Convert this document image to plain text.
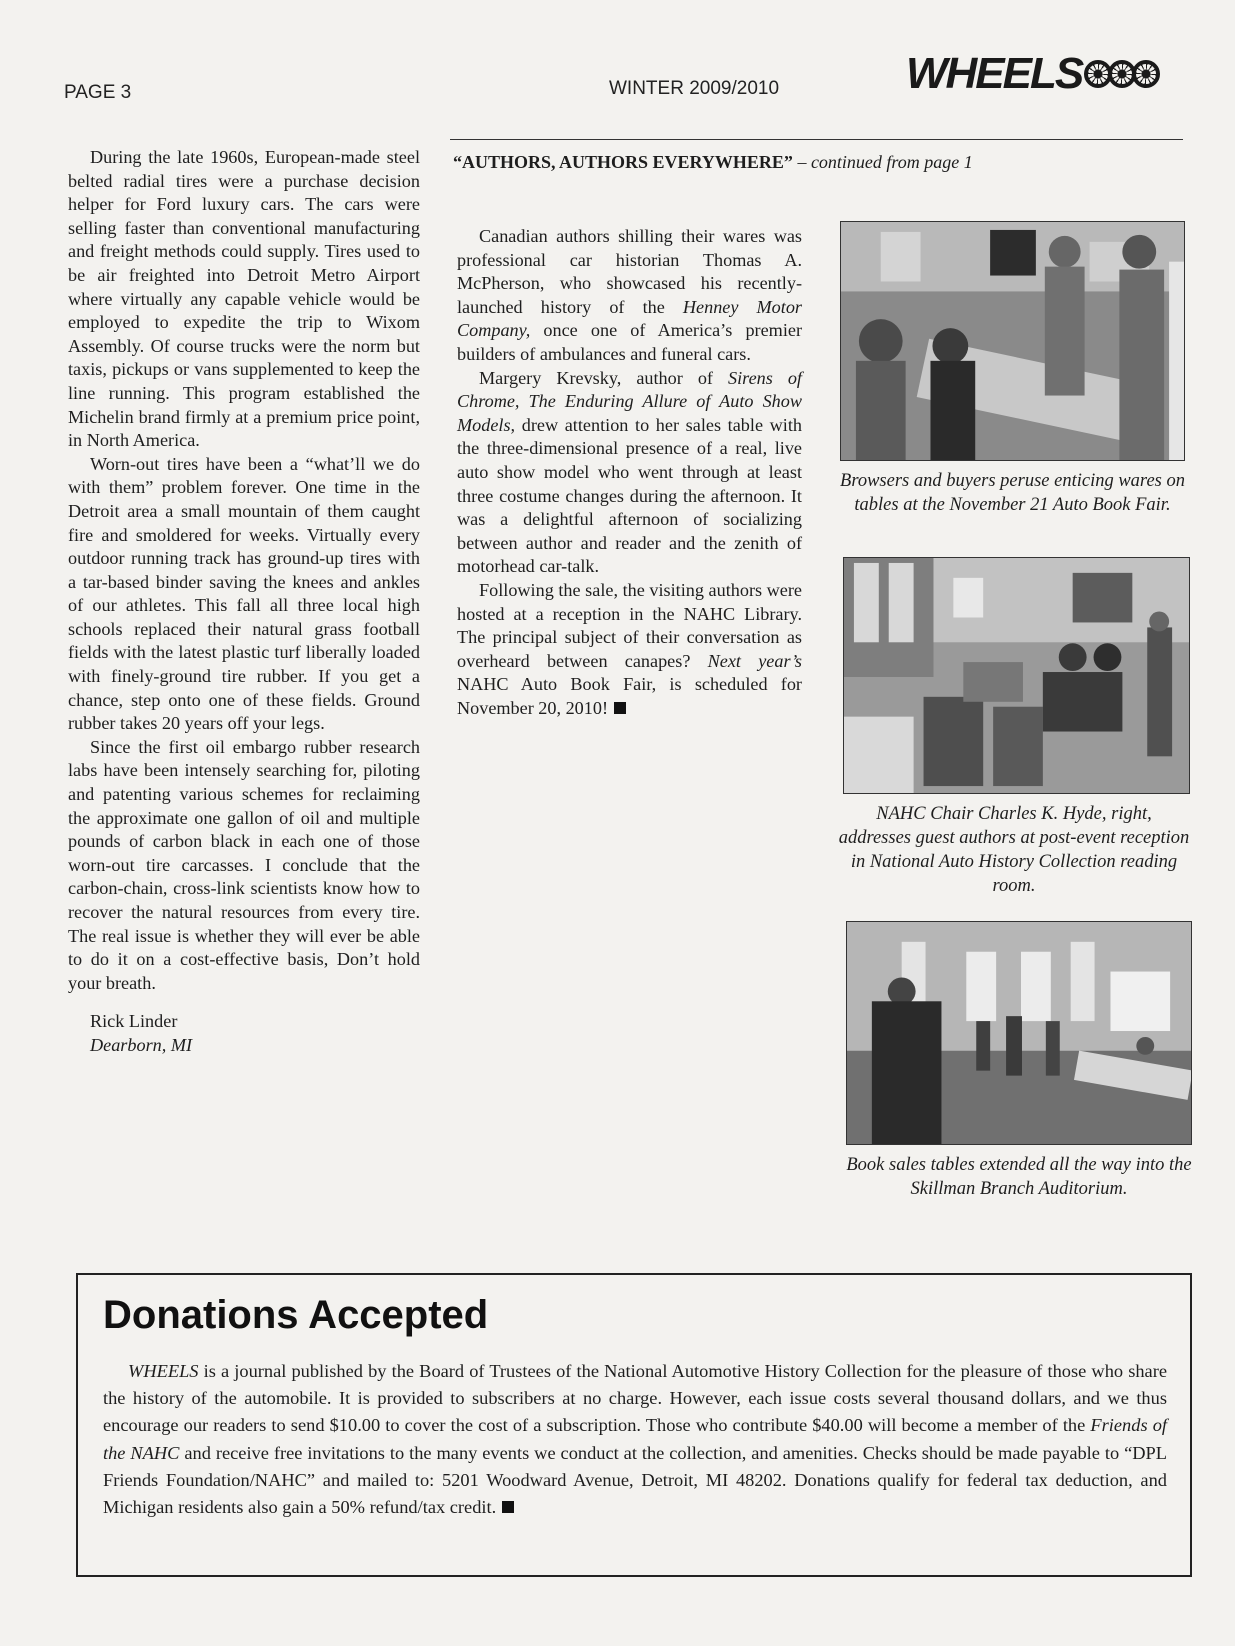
PAGE 3	WINTER 2009/2010	WHEELS

During the late 1960s, European-made steel belted radial tires were a purchase decision helper for Ford luxury cars. The cars were selling faster than conventional manufacturing and freight methods could supply. Tires used to be air freighted into Detroit Metro Airport where virtually any capable vehicle would be employed to expedite the trip to Wixom Assembly. Of course trucks were the norm but taxis, pickups or vans supplemented to keep the line running. This program established the Michelin brand firmly at a premium price point, in North America.

Worn-out tires have been a “what’ll we do with them” problem forever. One time in the Detroit area a small mountain of them caught fire and smoldered for weeks. Virtually every outdoor running track has ground-up tires with a tar-based binder saving the knees and ankles of our athletes. This fall all three local high schools replaced their natural grass football fields with the latest plastic turf liberally loaded with finely-ground tire rubber. If you get a chance, step onto one of these fields. Ground rubber takes 20 years off your legs.

Since the first oil embargo rubber research labs have been intensely searching for, piloting and patenting various schemes for reclaiming the approximate one gallon of oil and multiple pounds of carbon black in each one of those worn-out tire carcasses. I conclude that the carbon-chain, cross-link scientists know how to recover the natural resources from every tire. The real issue is whether they will ever be able to do it on a cost-effective basis, Don’t hold your breath.

Rick Linder
Dearborn, MI
“AUTHORS, AUTHORS EVERYWHERE” – continued from page 1

Canadian authors shilling their wares was professional car historian Thomas A. McPherson, who showcased his recently-launched history of the Henney Motor Company, once one of America’s premier builders of ambulances and funeral cars.

Margery Krevsky, author of Sirens of Chrome, The Enduring Allure of Auto Show Models, drew attention to her sales table with the three-dimensional presence of a real, live auto show model who went through at least three costume changes during the afternoon. It was a delightful afternoon of socializing between author and reader and the zenith of motorhead car-talk.

Following the sale, the visiting authors were hosted at a reception in the NAHC Library. The principal subject of their conversation as overheard between canapes? Next year’s NAHC Auto Book Fair, is scheduled for November 20, 2010!

Browsers and buyers peruse enticing wares on tables at the November 21 Auto Book Fair.
NAHC Chair Charles K. Hyde, right, addresses guest authors at post-event reception in National Auto History Collection reading room.
Book sales tables extended all the way into the Skillman Branch Auditorium.
Donations Accepted
WHEELS is a journal published by the Board of Trustees of the National Automotive History Collection for the pleasure of those who share the history of the automobile. It is provided to subscribers at no charge. However, each issue costs several thousand dollars, and we thus encourage our readers to send $10.00 to cover the cost of a subscription. Those who contribute $40.00 will become a member of the Friends of the NAHC and receive free invitations to the many events we conduct at the collection, and amenities. Checks should be made payable to “DPL Friends Foundation/NAHC” and mailed to: 5201 Woodward Avenue, Detroit, MI 48202. Donations qualify for federal tax deduction, and Michigan residents also gain a 50% refund/tax credit.
